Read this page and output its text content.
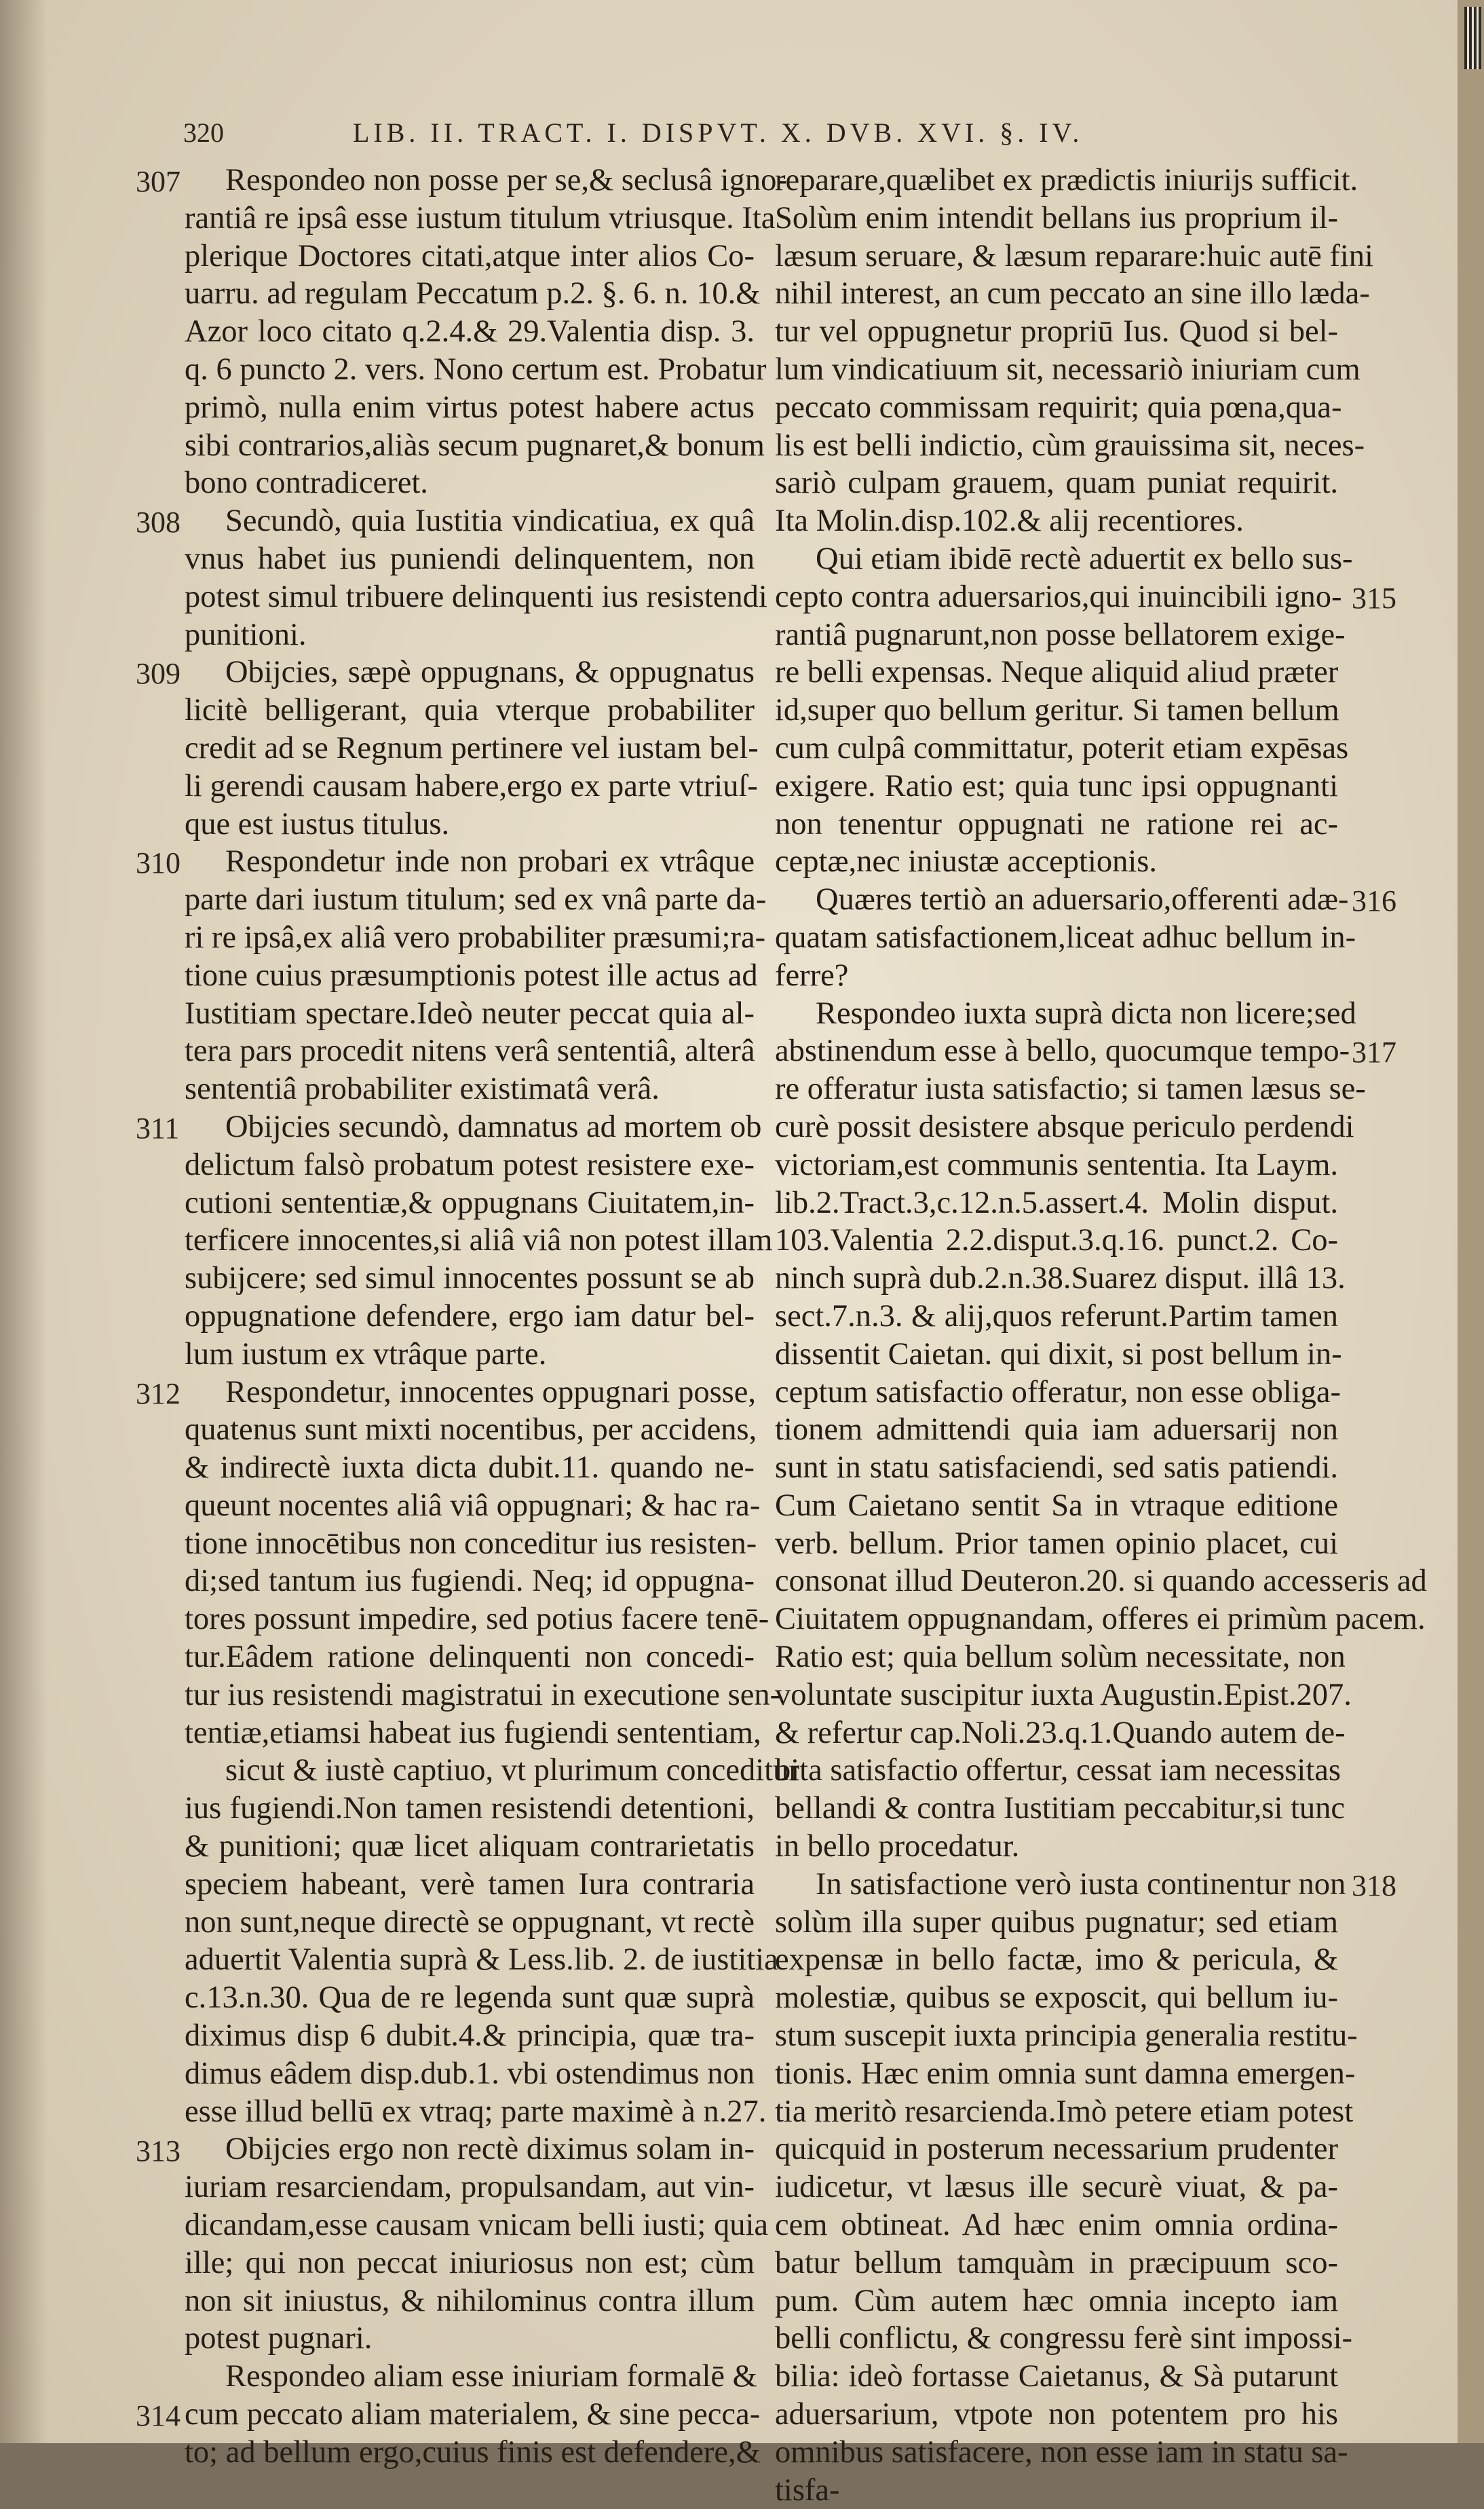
320	LIB. II. TRACT. I. DISPVT. X. DVB. XVI. §. IV.
Respondeo non posse per se,& seclusâ igno-
rantiâ re ipsâ esse iustum titulum vtriusque. Ita
plerique Doctores citati,atque inter alios Co-
uarru. ad regulam Peccatum p.2. §. 6. n. 10.&
Azor loco citato q.2.4.& 29.Valentia disp. 3.
q. 6 puncto 2. vers. Nono certum est. Probatur
primò, nulla enim virtus potest habere actus
sibi contrarios,aliàs secum pugnaret,& bonum
bono contradiceret.
Secundò, quia Iustitia vindicatiua, ex quâ
vnus habet ius puniendi delinquentem, non
potest simul tribuere delinquenti ius resistendi
punitioni.
Obijcies, sæpè oppugnans, & oppugnatus
licitè belligerant, quia vterque probabiliter
credit ad se Regnum pertinere vel iustam bel-
li gerendi causam habere,ergo ex parte vtriuſ-
que est iustus titulus.
Respondetur inde non probari ex vtrâque
parte dari iustum titulum; sed ex vnâ parte da-
ri re ipsâ,ex aliâ vero probabiliter præsumi;ra-
tione cuius præsumptionis potest ille actus ad
Iustitiam spectare.Ideò neuter peccat quia al-
tera pars procedit nitens verâ sententiâ, alterâ
sententiâ probabiliter existimatâ verâ.
Obijcies secundò, damnatus ad mortem ob
delictum falsò probatum potest resistere exe-
cutioni sententiæ,& oppugnans Ciuitatem,in-
terficere innocentes,si aliâ viâ non potest illam
subijcere; sed simul innocentes possunt se ab
oppugnatione defendere, ergo iam datur bel-
lum iustum ex vtrâque parte.
Respondetur, innocentes oppugnari posse,
quatenus sunt mixti nocentibus, per accidens,
& indirectè iuxta dicta dubit.11. quando ne-
queunt nocentes aliâ viâ oppugnari; & hac ra-
tione innocētibus non conceditur ius resisten-
di;sed tantum ius fugiendi. Neq; id oppugna-
tores possunt impedire, sed potius facere tenē-
tur.Eâdem ratione delinquenti non concedi-
tur ius resistendi magistratui in executione sen-
tentiæ,etiamsi habeat ius fugiendi sententiam,
sicut & iustè captiuo, vt plurimum conceditur
ius fugiendi.Non tamen resistendi detentioni,
& punitioni; quæ licet aliquam contrarietatis
speciem habeant, verè tamen Iura contraria
non sunt,neque directè se oppugnant, vt rectè
aduertit Valentia suprà & Less.lib. 2. de iustitia
c.13.n.30. Qua de re legenda sunt quæ suprà
diximus disp 6 dubit.4.& principia, quæ tra-
dimus eâdem disp.dub.1. vbi ostendimus non
esse illud bellū ex vtraq; parte maximè à n.27.
Obijcies ergo non rectè diximus solam in-
iuriam resarciendam, propulsandam, aut vin-
dicandam,esse causam vnicam belli iusti; quia
ille; qui non peccat iniuriosus non est; cùm
non sit iniustus, & nihilominus contra illum
potest pugnari.
Respondeo aliam esse iniuriam formalē &
cum peccato aliam materialem, & sine pecca-
to; ad bellum ergo,cuius finis est defendere,&
reparare,quælibet ex prædictis iniurijs sufficit.
Solùm enim intendit bellans ius proprium il-
læsum seruare, & læsum reparare:huic autē fini
nihil interest, an cum peccato an sine illo læda-
tur vel oppugnetur propriū Ius. Quod si bel-
lum vindicatiuum sit, necessariò iniuriam cum
peccato commissam requirit; quia pœna,qua-
lis est belli indictio, cùm grauissima sit, neces-
sariò culpam grauem, quam puniat requirit.
Ita Molin.disp.102.& alij recentiores.
Qui etiam ibidē rectè aduertit ex bello sus-
cepto contra aduersarios,qui inuincibili igno-
rantiâ pugnarunt,non posse bellatorem exige-
re belli expensas. Neque aliquid aliud præter
id,super quo bellum geritur. Si tamen bellum
cum culpâ committatur, poterit etiam expēsas
exigere. Ratio est; quia tunc ipsi oppugnanti
non tenentur oppugnati ne ratione rei ac-
ceptæ,nec iniustæ acceptionis.
Quæres tertiò an aduersario,offerenti adæ-
quatam satisfactionem,liceat adhuc bellum in-
ferre?
Respondeo iuxta suprà dicta non licere;sed
abstinendum esse à bello, quocumque tempo-
re offeratur iusta satisfactio; si tamen læsus se-
curè possit desistere absque periculo perdendi
victoriam,est communis sententia. Ita Laym.
lib.2.Tract.3,c.12.n.5.assert.4. Molin disput.
103.Valentia 2.2.disput.3.q.16. punct.2. Co-
ninch suprà dub.2.n.38.Suarez disput. illâ 13.
sect.7.n.3. & alij,quos referunt.Partim tamen
dissentit Caietan. qui dixit, si post bellum in-
ceptum satisfactio offeratur, non esse obliga-
tionem admittendi quia iam aduersarij non
sunt in statu satisfaciendi, sed satis patiendi.
Cum Caietano sentit Sa in vtraque editione
verb. bellum. Prior tamen opinio placet, cui
consonat illud Deuteron.20. si quando accesseris ad
Ciuitatem oppugnandam, offeres ei primùm pacem.
Ratio est; quia bellum solùm necessitate, non
voluntate suscipitur iuxta Augustin.Epist.207.
& refertur cap.Noli.23.q.1.Quando autem de-
bita satisfactio offertur, cessat iam necessitas
bellandi & contra Iustitiam peccabitur,si tunc
in bello procedatur.
In satisfactione verò iusta continentur non
solùm illa super quibus pugnatur; sed etiam
expensæ in bello factæ, imo & pericula, &
molestiæ, quibus se exposcit, qui bellum iu-
stum suscepit iuxta principia generalia restitu-
tionis. Hæc enim omnia sunt damna emergen-
tia meritò resarcienda.Imò petere etiam potest
quicquid in posterum necessarium prudenter
iudicetur, vt læsus ille securè viuat, & pa-
cem obtineat. Ad hæc enim omnia ordina-
batur bellum tamquàm in præcipuum sco-
pum. Cùm autem hæc omnia incepto iam
belli conflictu, & congressu ferè sint impossi-
bilia: ideò fortasse Caietanus, & Sà putarunt
aduersarium, vtpote non potentem pro his
omnibus satisfacere, non esse iam in statu sa-
tisfa-
307
308
309
310
311
312
313
314
315
316
317
318
